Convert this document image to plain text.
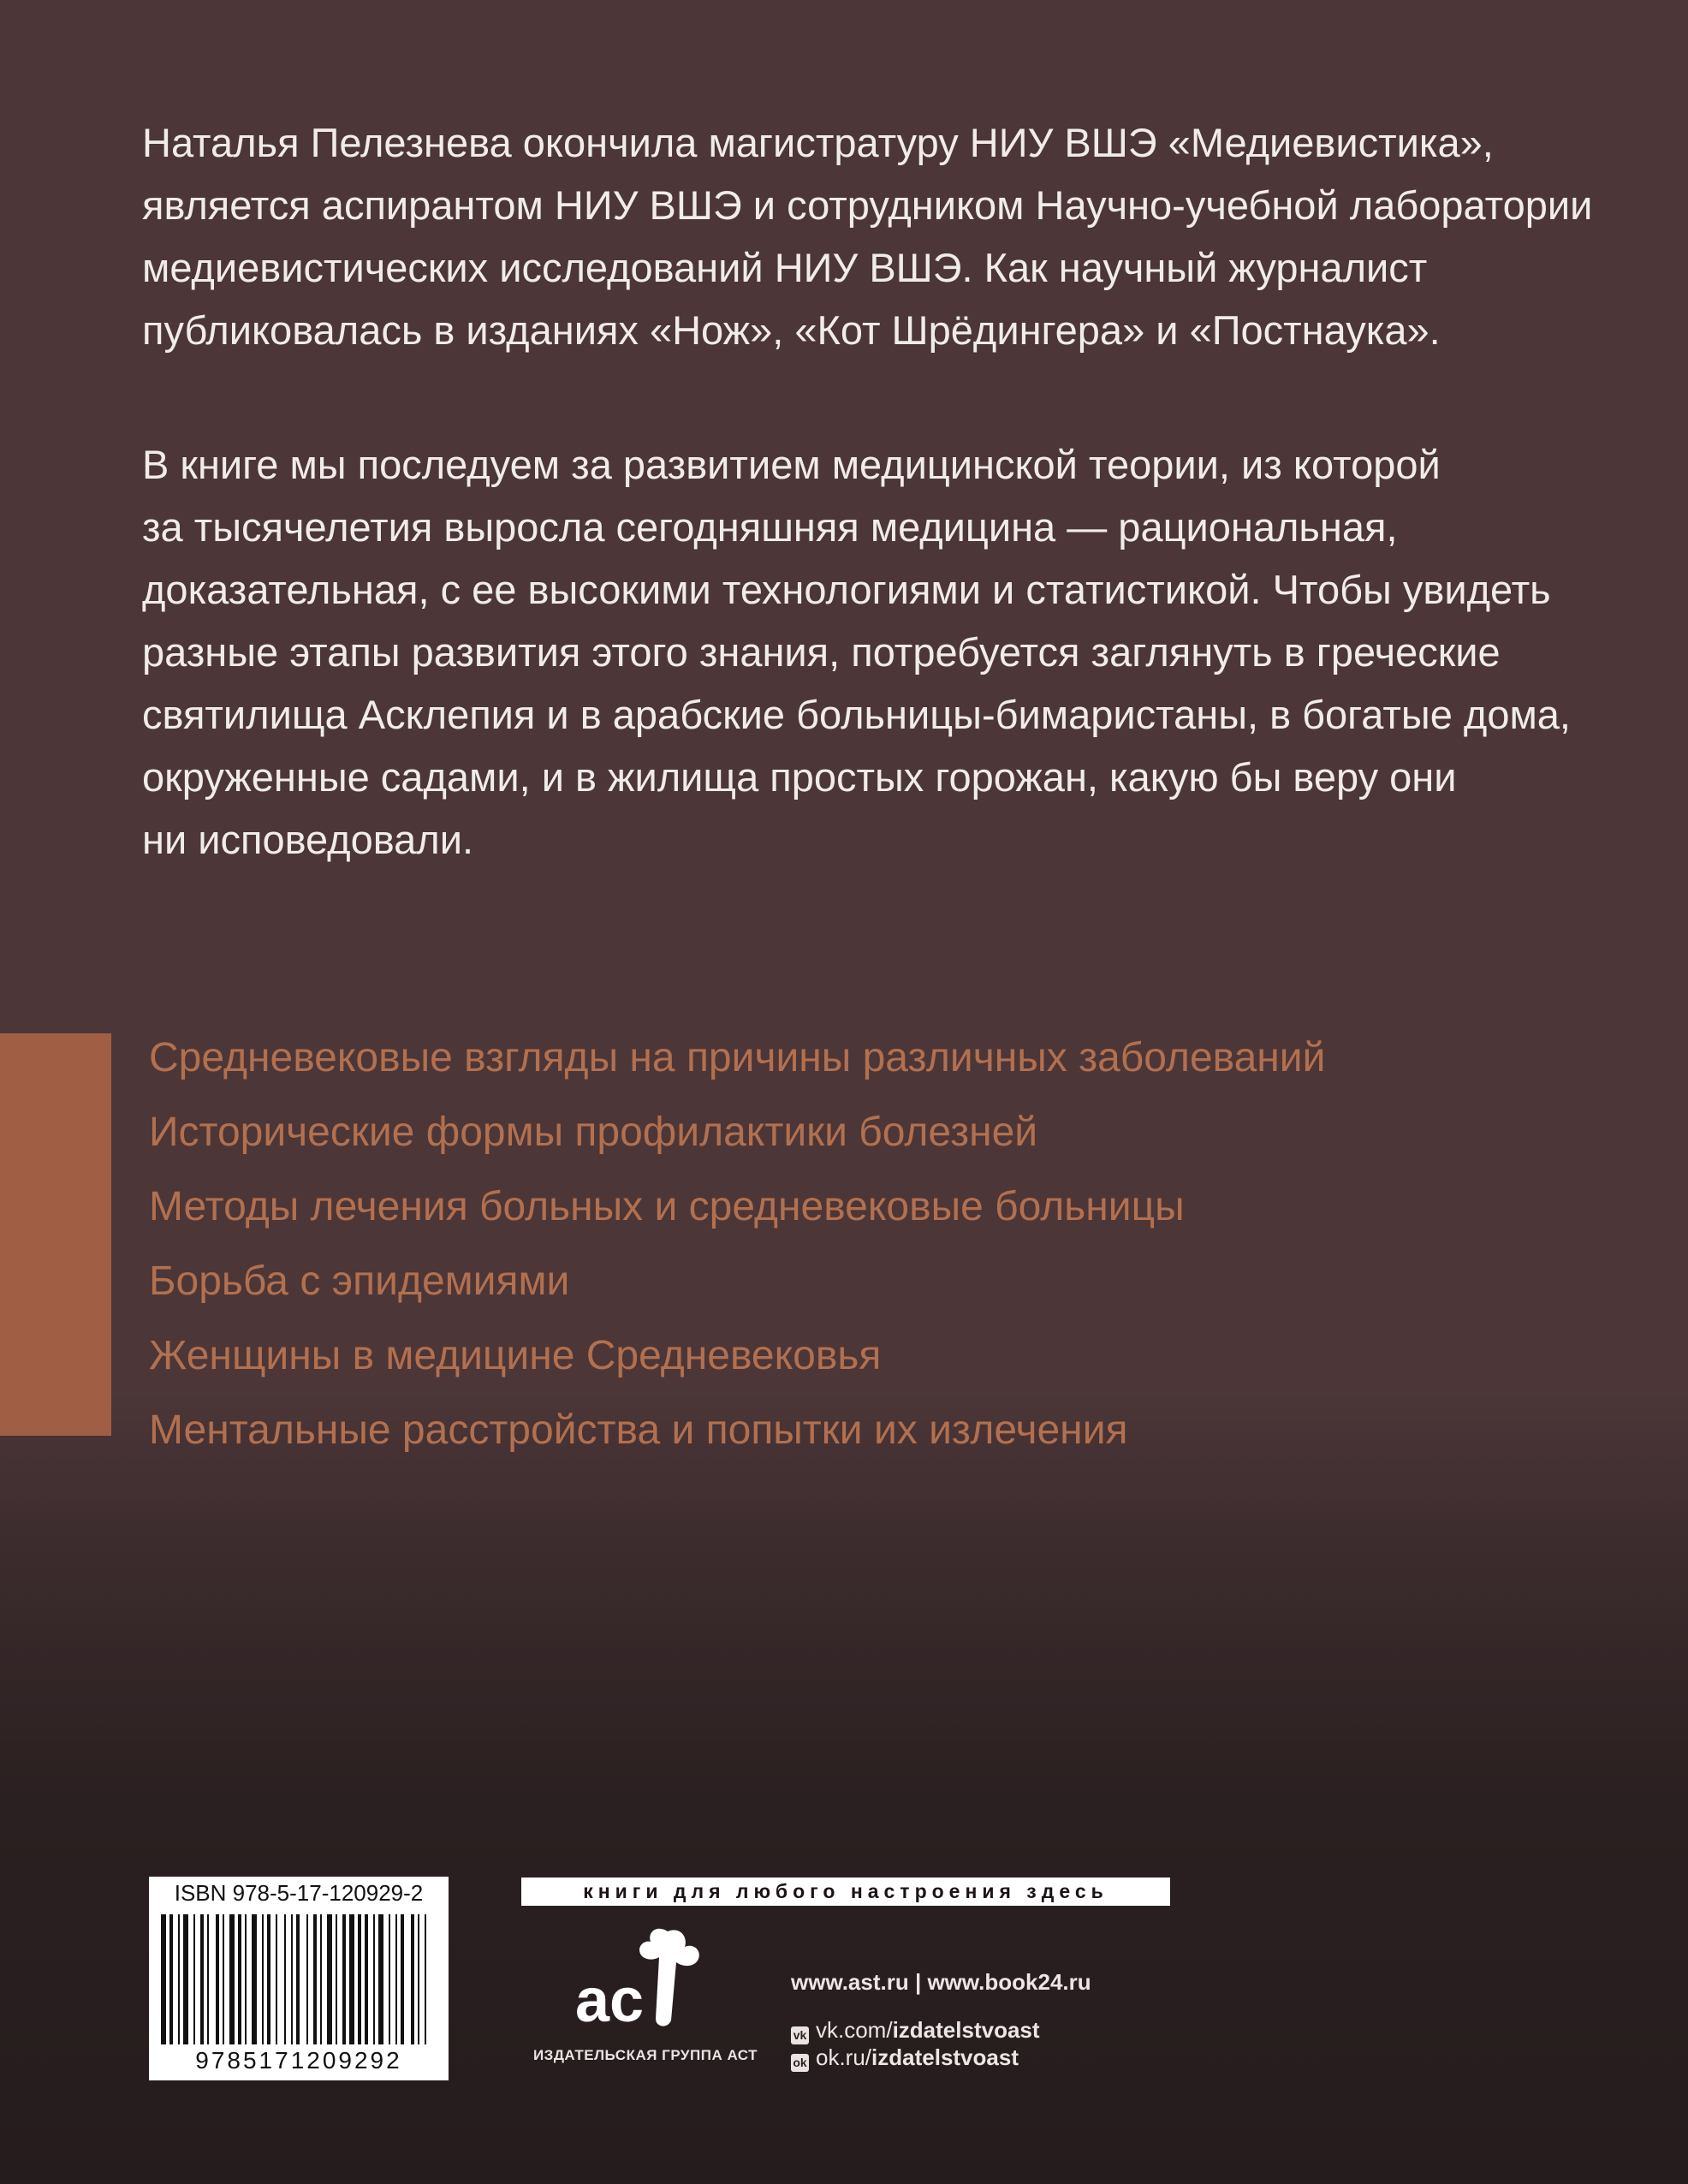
Наталья Пелезнева окончила магистратуру НИУ ВШЭ «Медиевистика»,
является аспирантом НИУ ВШЭ и сотрудником Научно-учебной лаборатории
медиевистических исследований НИУ ВШЭ. Как научный журналист
публиковалась в изданиях «Нож», «Кот Шрёдингера» и «Постнаука».

В книге мы последуем за развитием медицинской теории, из которой
за тысячелетия выросла сегодняшняя медицина — рациональная,
доказательная, с ее высокими технологиями и статистикой. Чтобы увидеть
разные этапы развития этого знания, потребуется заглянуть в греческие
святилища Асклепия и в арабские больницы-бимаристаны, в богатые дома,
окруженные садами, и в жилища простых горожан, какую бы веру они
ни исповедовали.

Средневековые взгляды на причины различных заболеваний
Исторические формы профилактики болезней
Методы лечения больных и средневековые больницы
Борьба с эпидемиями
Женщины в медицине Средневековья
Ментальные расстройства и попытки их излечения
ISBN 978-5-17-120929-2
9785171209292
книги для любого настроения здесь
ac
ИЗДАТЕЛЬСКАЯ ГРУППА АСТ
www.ast.ru | www.book24.ru
vk vk.com/izdatelstvoast
ok ok.ru/izdatelstvoast
